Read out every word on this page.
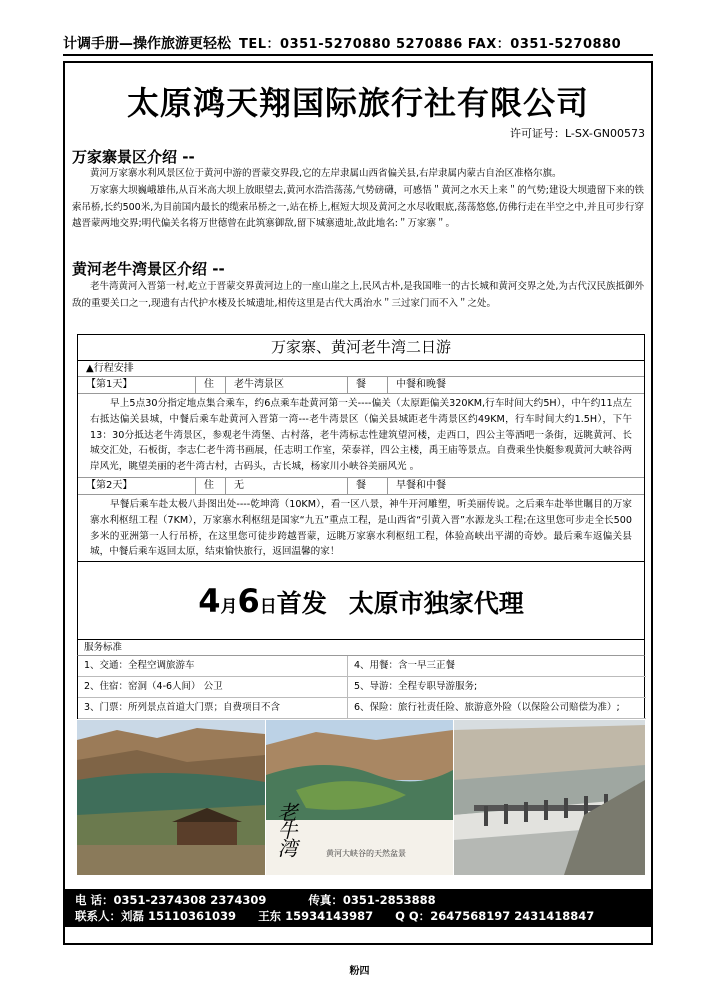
计调手册—操作旅游更轻松 TEL：0351-5270880 5270886 FAX：0351-5270880
太原鸿天翔国际旅行社有限公司
许可证号：L-SX-GN00573
万家寨景区介绍 --
黄河万家寨水利风景区位于黄河中游的晋蒙交界段,它的左岸隶属山西省偏关县,右岸隶属内蒙古自治区准格尔旗。
万家寨大坝巍峨雄伟,从百米高大坝上放眼望去,黄河水浩浩荡荡,气势磅礴，可感悟＂黄河之水天上来＂的气势;建设大坝遗留下来的铁索吊桥,长约500米,为目前国内最长的缆索吊桥之一,站在桥上,框短大坝及黄河之水尽收眼底,荡荡悠悠,仿佛行走在半空之中,并且可步行穿越晋蒙两地交界;明代偏关名将万世德曾在此筑寨御敌,留下城寨遗址,故此地名:＂万家寨＂。
黄河老牛湾景区介绍 --
老牛湾黄河入晋第一村,屹立于晋蒙交界黄河边上的一座山崖之上,民风古朴,是我国唯一的古长城和黄河交界之处,为古代汉民族抵御外敌的重要关口之一,现遗有古代护水楼及长城遗址,相传这里是古代大禹治水＂三过家门而不入＂之处。
万家寨、黄河老牛湾二日游
▲行程安排
【第1天】	住	老牛湾景区	餐	中餐和晚餐
早上5点30分指定地点集合乘车，约6点乘车赴黄河第一关----偏关（太原距偏关320KM,行车时间大约5H），中午约11点左右抵达偏关县城，中餐后乘车赴黄河入晋第一湾---老牛湾景区（偏关县城距老牛湾景区约49KM，行车时间大约1.5H），下午13：30分抵达老牛湾景区，参观老牛湾堡、古村落，老牛湾标志性建筑望河楼，走西口，四公主等酒吧一条街，远眺黄河、长城交汇处，石板街，李志仁老牛湾书画展，任志明工作室，荣泰祥，四公主楼，禹王庙等景点。自费乘坐快艇参观黄河大峡谷两岸风光，眺望美丽的老牛湾古村，古码头，古长城，杨家川小峡谷美丽风光 。
【第2天】	住	无	餐	早餐和中餐
早餐后乘车赴太极八卦图出处----乾坤湾（10KM），看一区八景，神牛开河雕塑，听美丽传说。之后乘车赴举世瞩目的万家寨水利枢纽工程（7KM），万家寨水利枢纽是国家“九五”重点工程，是山西省“引黄入晋”水源龙头工程;在这里您可步走全长500多米的亚洲第一人行吊桥，在这里您可徒步跨越晋蒙，远眺万家寨水利枢纽工程，体验高峡出平湖的奇妙。最后乘车返偏关县城，中餐后乘车返回太原，结束愉快旅行，返回温馨的家！
4月6日首发 太原市独家代理
服务标准
1、交通：全程空调旅游车	4、用餐：含一早三正餐
2、住宿：窑洞（4-6人间） 公卫	5、导游：全程专职导游服务;
3、门票：所列景点首道大门票；自费项目不含	6、保险：旅行社责任险、旅游意外险（以保险公司赔偿为准）;
老牛湾	黄河大峡谷的天然盆景
电 话：0351-2374308 2374309	传真：0351-2853888
联系人：刘磊 15110361039 王东 15934143987 Q Q：2647568197 2431418847
粉四
